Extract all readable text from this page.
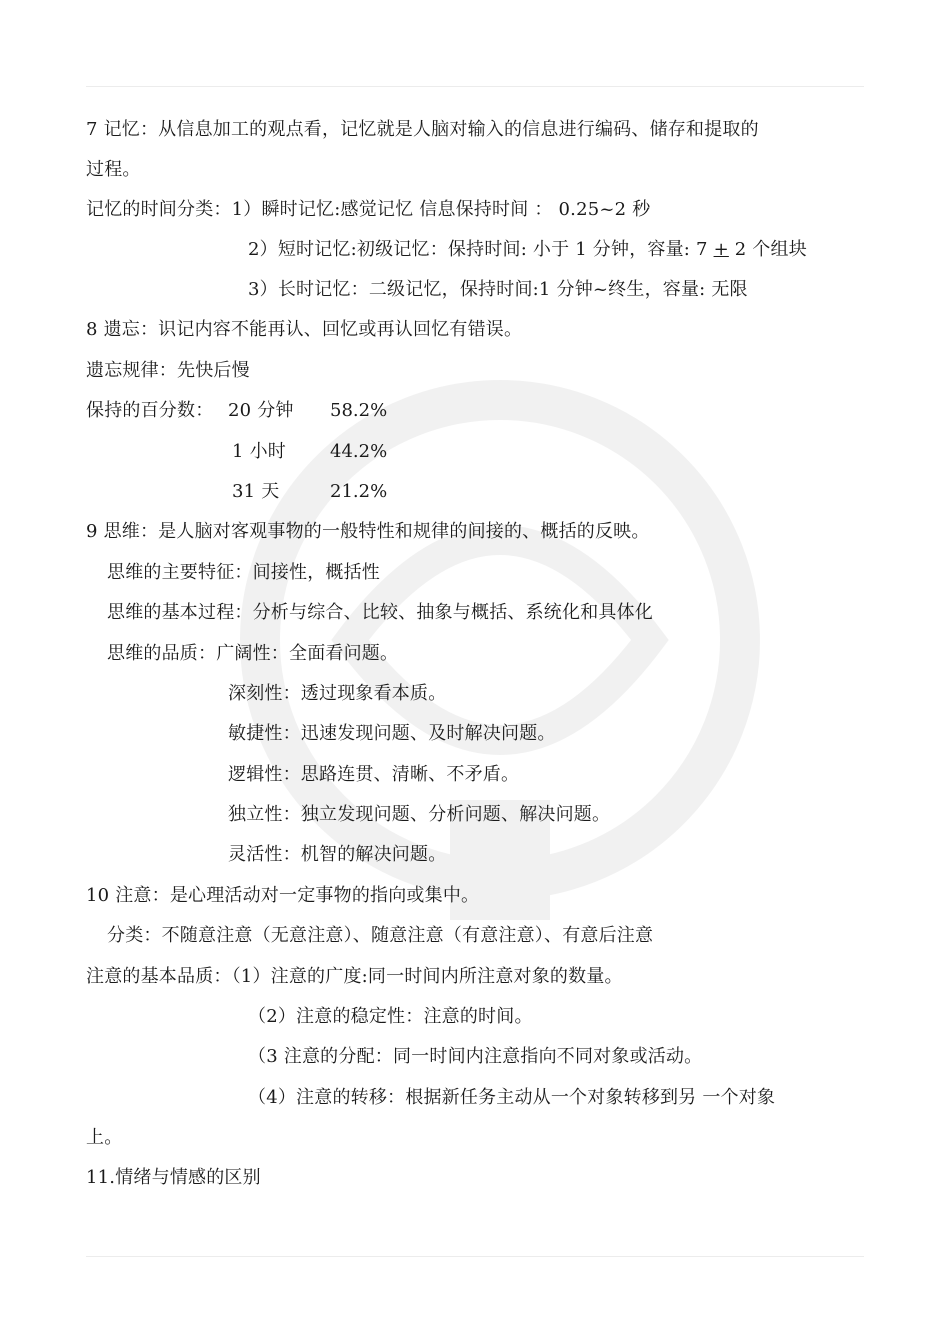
7 记忆：从信息加工的观点看，记忆就是人脑对输入的信息进行编码、储存和提取的
过程。
记忆的时间分类：1）瞬时记忆:感觉记忆 信息保持时间 ： 0.25~2 秒
2）短时记忆:初级记忆：保持时间: 小于 1 分钟，容量: 7 + 2 个组块
3）长时记忆：二级记忆，保持时间:1 分钟~终生，容量: 无限
8 遗忘：识记内容不能再认、回忆或再认回忆有错误。
遗忘规律：先快后慢
保持的百分数： 20 分钟 58.2%
1 小时 44.2%
31 天	21.2%
9 思维：是人脑对客观事物的一般特性和规律的间接的、概括的反映。
思维的主要特征：间接性，概括性
思维的基本过程：分析与综合、比较、抽象与概括、系统化和具体化
思维的品质：广阔性：全面看问题。
深刻性：透过现象看本质。
敏捷性：迅速发现问题、及时解决问题。
逻辑性：思路连贯、清晰、不矛盾。
独立性：独立发现问题、分析问题、解决问题。
灵活性：机智的解决问题。
10 注意：是心理活动对一定事物的指向或集中。
分类：不随意注意（无意注意）、随意注意（有意注意）、有意后注意
注意的基本品质：（1）注意的广度:同一时间内所注意对象的数量。
（2）注意的稳定性：注意的时间。
（3 注意的分配：同一时间内注意指向不同对象或活动。
（4）注意的转移：根据新任务主动从一个对象转移到另 一个对象
上。
11.情绪与情感的区别
